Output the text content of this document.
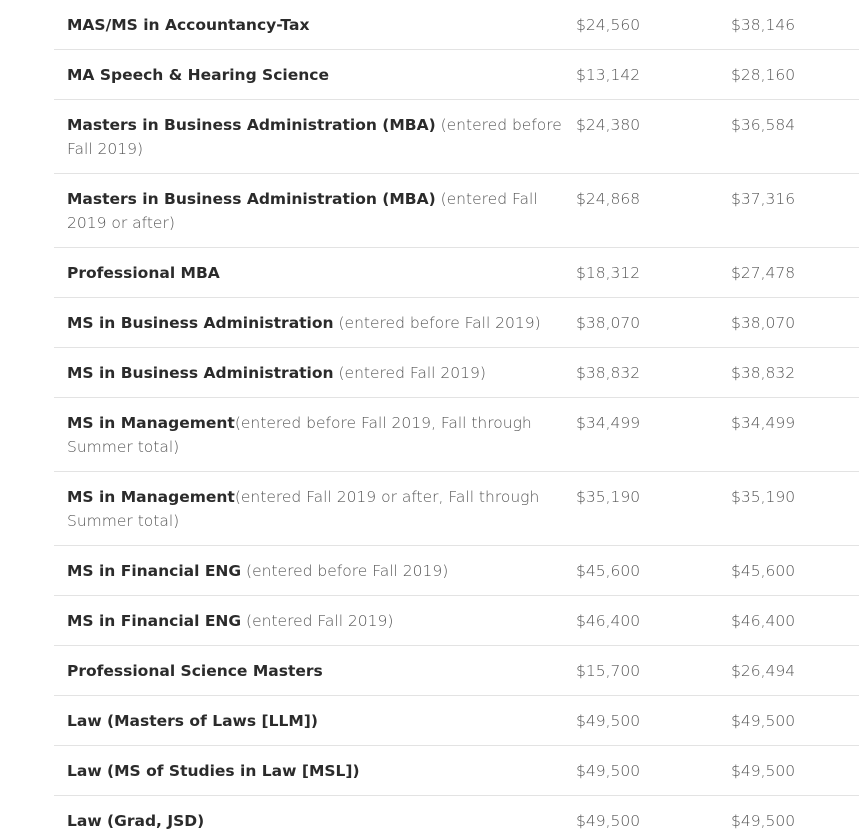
MAS/MS in Accountancy-Tax	$24,560	$38,146
MA Speech & Hearing Science	$13,142	$28,160
Masters in Business Administration (MBA) (entered before Fall 2019)	$24,380	$36,584
Masters in Business Administration (MBA) (entered Fall 2019 or after)	$24,868	$37,316
Professional MBA	$18,312	$27,478
MS in Business Administration (entered before Fall 2019)	$38,070	$38,070
MS in Business Administration (entered Fall 2019)	$38,832	$38,832
MS in Management(entered before Fall 2019, Fall through Summer total)	$34,499	$34,499
MS in Management(entered Fall 2019 or after, Fall through Summer total)	$35,190	$35,190
MS in Financial ENG (entered before Fall 2019)	$45,600	$45,600
MS in Financial ENG (entered Fall 2019)	$46,400	$46,400
Professional Science Masters	$15,700	$26,494
Law (Masters of Laws [LLM])	$49,500	$49,500
Law (MS of Studies in Law [MSL])	$49,500	$49,500
Law (Grad, JSD)	$49,500	$49,500
